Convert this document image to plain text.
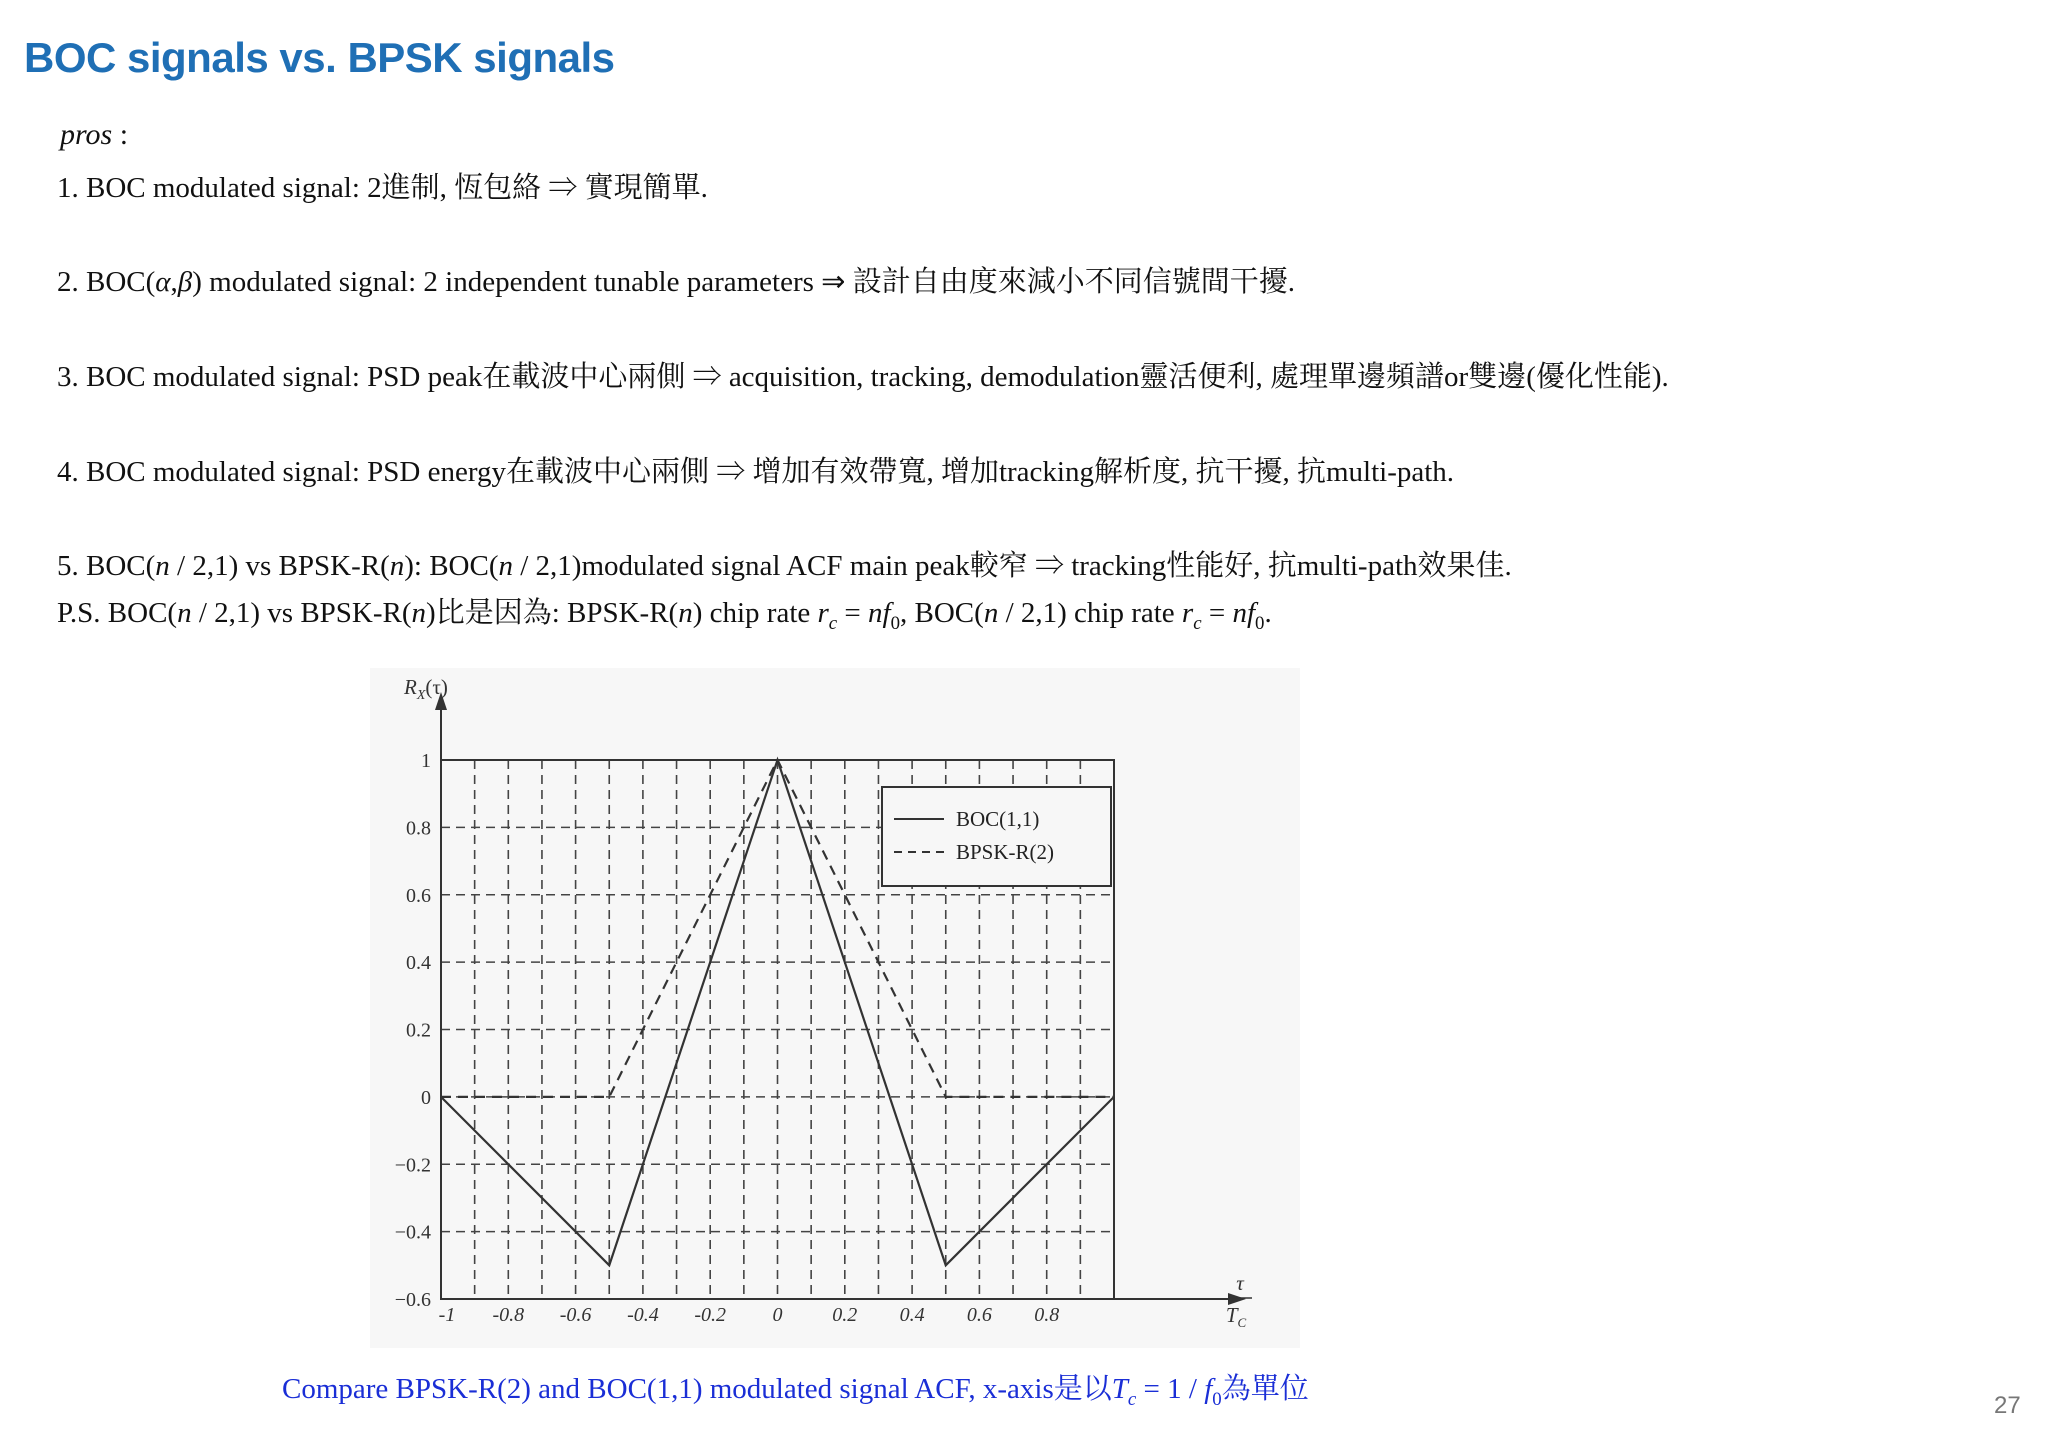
BOC signals vs. BPSK signals
pros :
1. BOC modulated signal: 2進制, 恆包絡 ⇒ 實現簡單.
2. BOC(α,β) modulated signal: 2 independent tunable parameters ⇒ 設計自由度來減小不同信號間干擾.
3. BOC modulated signal: PSD peak在載波中心兩側 ⇒ acquisition, tracking, demodulation靈活便利, 處理單邊頻譜or雙邊(優化性能).
4. BOC modulated signal: PSD energy在載波中心兩側 ⇒ 增加有效帶寬, 增加tracking解析度, 抗干擾, 抗multi-path.
5. BOC(n / 2,1) vs BPSK-R(n): BOC(n / 2,1)modulated signal ACF main peak較窄 ⇒ tracking性能好, 抗multi-path效果佳.
P.S. BOC(n / 2,1) vs BPSK-R(n)比是因為: BPSK-R(n) chip rate $r_c = nf_0$, BOC(n / 2,1) chip rate $r_c = nf_0$.
1
0.8
0.6
0.4
0.2
0
−0.2
−0.4
−0.6
-1 -0.8 -0.6 -0.4 -0.2 0 0.2 0.4 0.6 0.8
$R_X(\tau)$
τ
$T_C$
BOC(1,1)
BPSK-R(2)
Compare BPSK-R(2) and BOC(1,1) modulated signal ACF, x-axis是以$T_c = 1 / f_0$為單位
27
